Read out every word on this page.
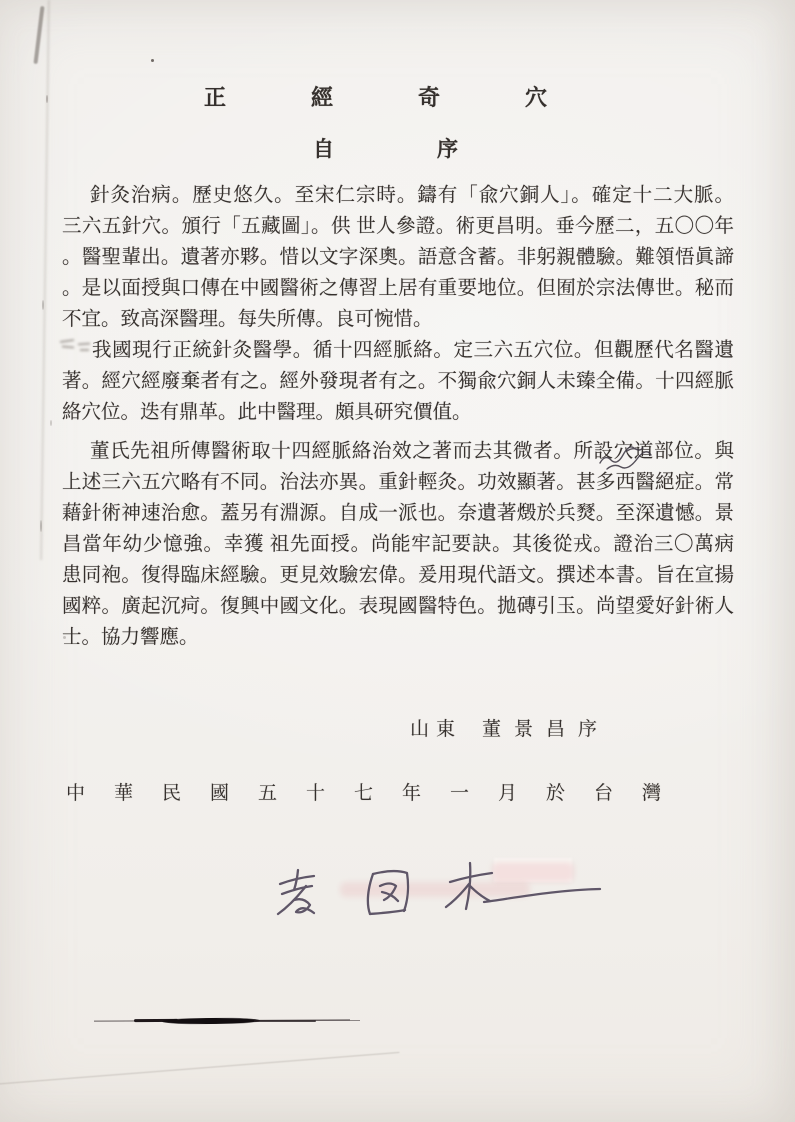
正經奇穴
自	序
針灸治病。歷史悠久。至宋仁宗時。鑄有「兪穴銅人」。確定十二大脈。
三六五針穴。頒行「五藏圖」。供 世人參證。術更昌明。垂今歷二，五〇〇年
。醫聖輩出。遺著亦夥。惜以文字深奧。語意含蓄。非躬親體驗。難領悟眞諦
。是以面授與口傳在中國醫術之傳習上居有重要地位。但囿於宗法傳世。秘而
不宜。致高深醫理。每失所傳。良可惋惜。
我國現行正統針灸醫學。循十四經脈絡。定三六五穴位。但觀歷代名醫遺
著。經穴經廢棄者有之。經外發現者有之。不獨兪穴銅人未臻全備。十四經脈
絡穴位。迭有鼎革。此中醫理。頗具研究價值。
董氏先祖所傳醫術取十四經脈絡治效之著而去其微者。所設穴道部位。與
上述三六五穴略有不同。治法亦異。重針輕灸。功效顯著。甚多西醫絕症。常
藉針術神速治愈。蓋另有淵源。自成一派也。奈遺著燬於兵燹。至深遺憾。景
昌當年幼少憶強。幸獲 祖先面授。尚能牢記要訣。其後從戎。證治三〇萬病
患同袍。復得臨床經驗。更見效驗宏偉。爰用現代語文。撰述本書。旨在宣揚
國粹。廣起沉疴。復興中國文化。表現國醫特色。拋磚引玉。尚望愛好針術人
士。協力響應。
山東 董景昌序
中華民國五十七年一月於台灣
